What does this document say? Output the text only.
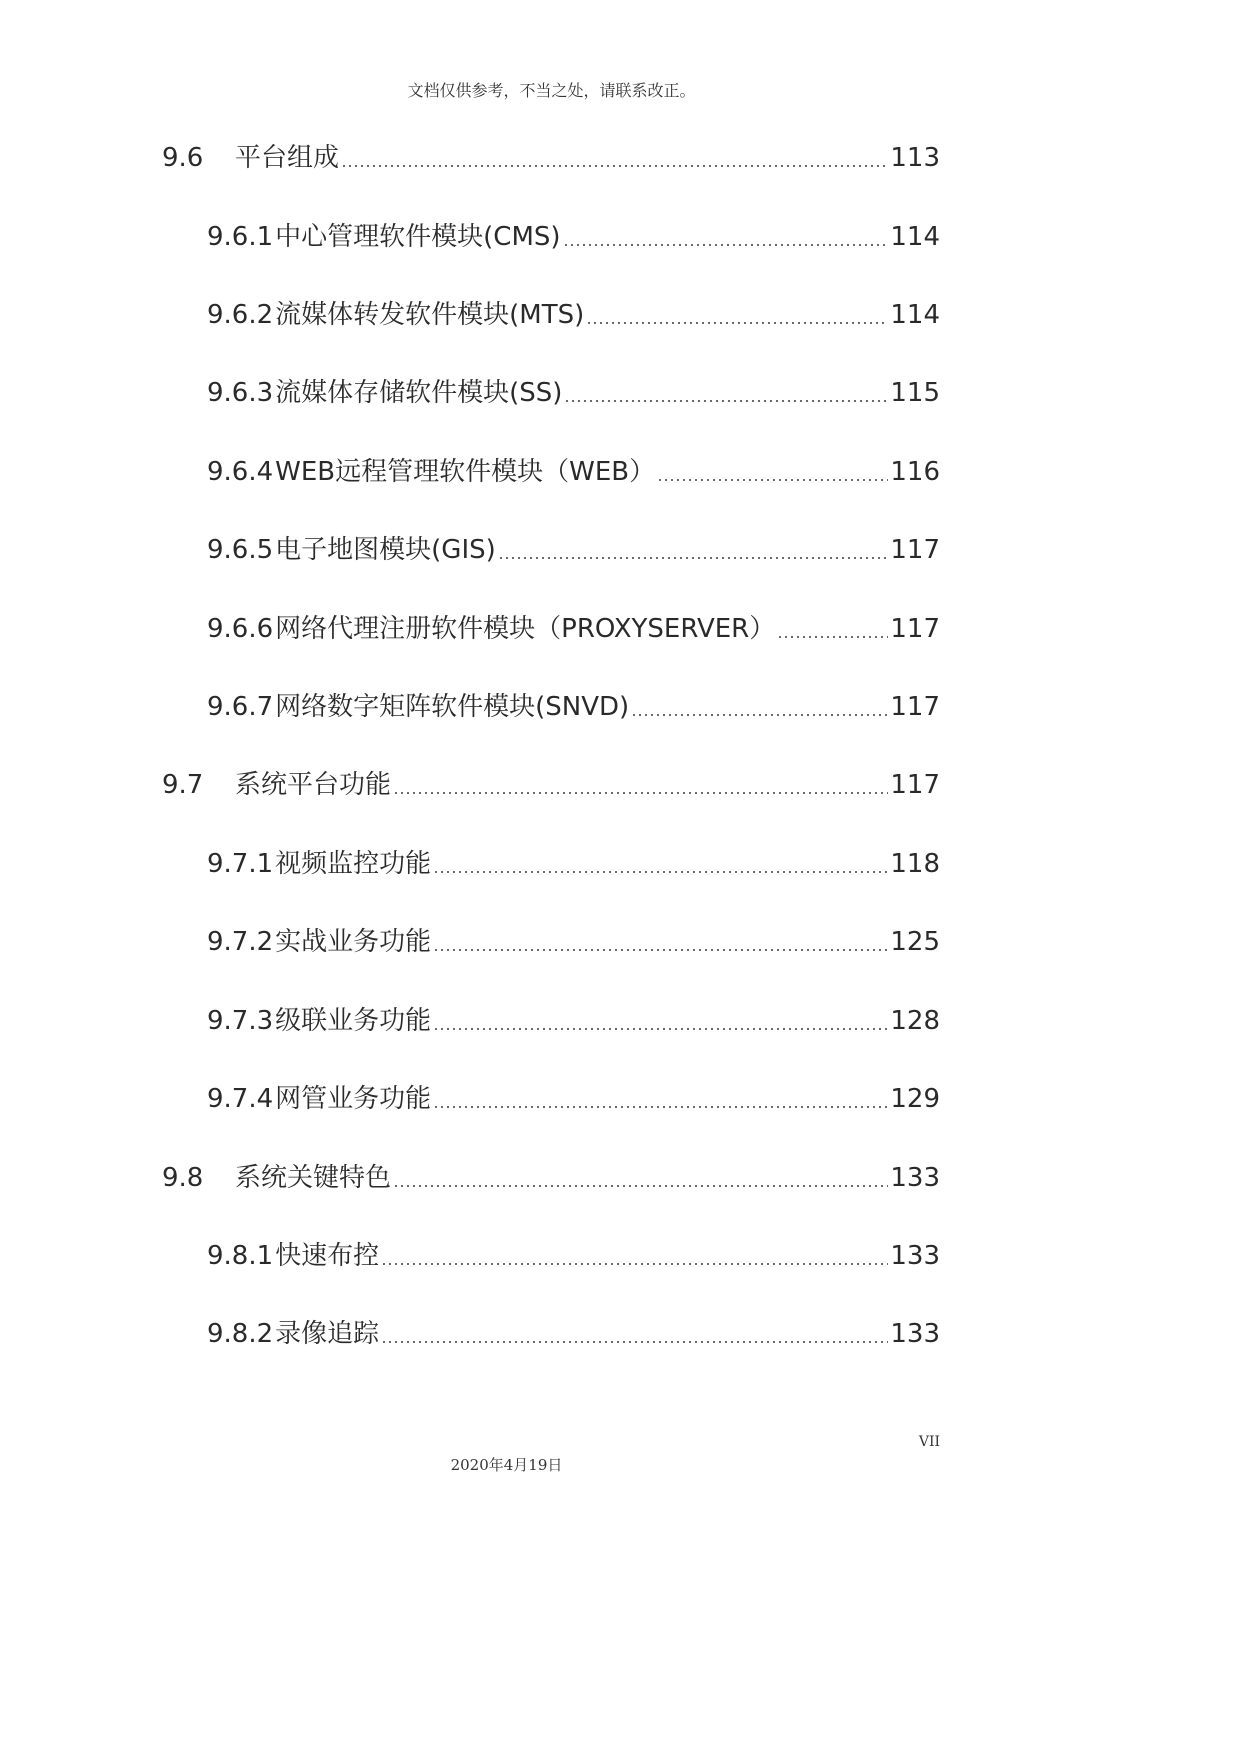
文档仅供参考，不当之处，请联系改正。
9.6	平台组成	113
9.6.1 中心管理软件模块(CMS)	114
9.6.2 流媒体转发软件模块(MTS)	114
9.6.3 流媒体存储软件模块(SS)	115
9.6.4 WEB远程管理软件模块（WEB）	116
9.6.5 电子地图模块(GIS)	117
9.6.6 网络代理注册软件模块（PROXYSERVER）	117
9.6.7 网络数字矩阵软件模块(SNVD)	117
9.7	系统平台功能	117
9.7.1 视频监控功能	118
9.7.2 实战业务功能	125
9.7.3 级联业务功能	128
9.7.4 网管业务功能	129
9.8	系统关键特色	133
9.8.1 快速布控	133
9.8.2 录像追踪	133
VII
2020年4月19日
